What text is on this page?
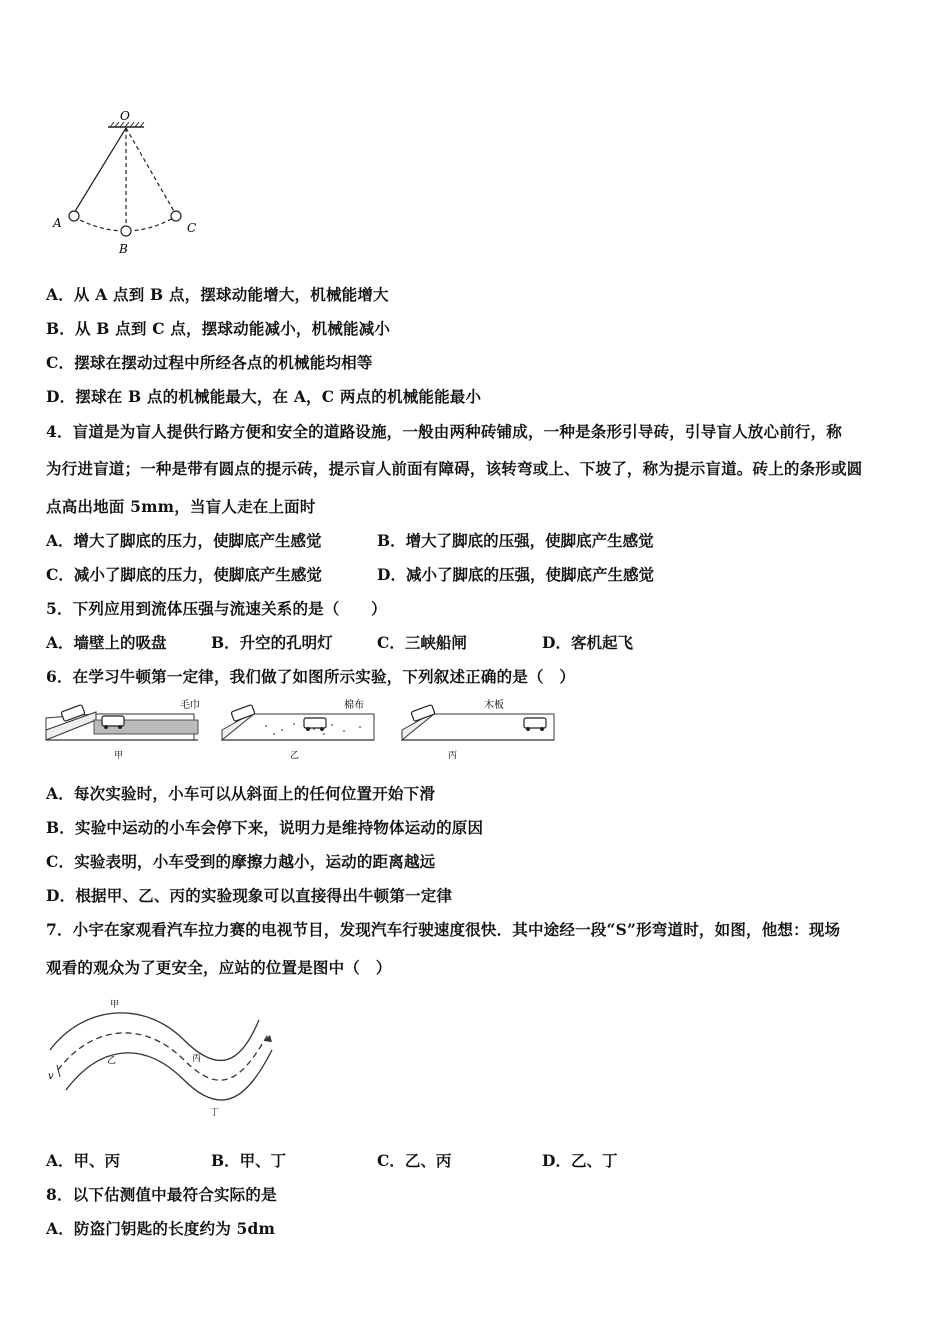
O
A
B
C
A．从 A 点到 B 点，摆球动能增大，机械能增大
B．从 B 点到 C 点，摆球动能减小，机械能减小
C．摆球在摆动过程中所经各点的机械能均相等
D．摆球在 B 点的机械能最大，在 A，C 两点的机械能能最小
4．盲道是为盲人提供行路方便和安全的道路设施，一般由两种砖铺成，一种是条形引导砖，引导盲人放心前行，称
为行进盲道；一种是带有圆点的提示砖，提示盲人前面有障碍，该转弯或上、下坡了，称为提示盲道。砖上的条形或圆
点高出地面 5mm，当盲人走在上面时
A．增大了脚底的压力，使脚底产生感觉	B．增大了脚底的压强，使脚底产生感觉
C．减小了脚底的压力，使脚底产生感觉	D．减小了脚底的压强，使脚底产生感觉
5．下列应用到流体压强与流速关系的是（　　）
A．墙壁上的吸盘	B．升空的孔明灯	C．三峡船闸	D．客机起飞
6．在学习牛顿第一定律，我们做了如图所示实验，下列叙述正确的是（　）
毛巾
甲
棉布
乙
木板
丙
A．每次实验时，小车可以从斜面上的任何位置开始下滑
B．实验中运动的小车会停下来，说明力是维持物体运动的原因
C．实验表明，小车受到的摩擦力越小，运动的距离越远
D．根据甲、乙、丙的实验现象可以直接得出牛顿第一定律
7．小宇在家观看汽车拉力赛的电视节目，发现汽车行驶速度很快．其中途经一段“S”形弯道时，如图，他想：现场
观看的观众为了更安全，应站的位置是图中（　）
甲
乙	丙
丁
v
A．甲、丙	B．甲、丁	C．乙、丙	D．乙、丁
8．以下估测值中最符合实际的是
A．防盗门钥匙的长度约为 5dm
